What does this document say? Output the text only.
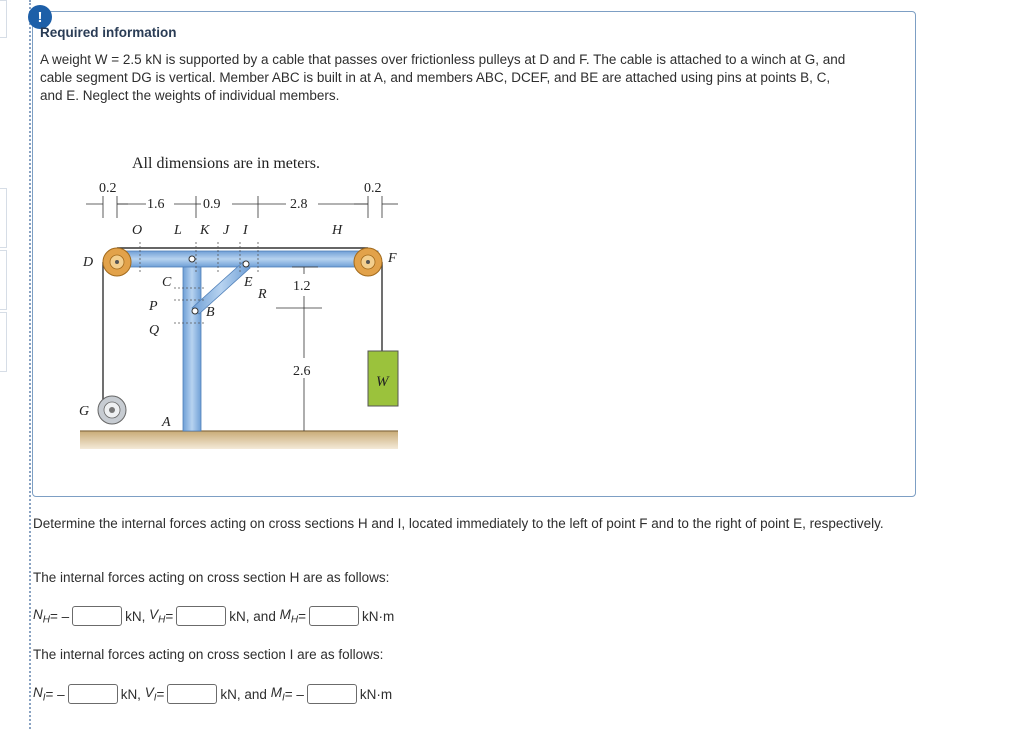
!
Required information
A weight W = 2.5 kN is supported by a cable that passes over frictionless pulleys at D and F. The cable is attached to a winch at G, and cable segment DG is vertical. Member ABC is built in at A, and members ABC, DCEF, and BE are attached using pins at points B, C, and E. Neglect the weights of individual members.
All dimensions are in meters.
0.2
1.6	0.9	2.8
0.2
1.2
2.6
O L K J I	H
D	F
C	E
R
P	B
Q
G
A
W
Determine the internal forces acting on cross sections H and I, located immediately to the left of point F and to the right of point E, respectively.
The internal forces acting on cross section H are as follows:
$N_H$ = –	kN,
$V_H$ =	kN, and
$M_H$ =	kN·m
The internal forces acting on cross section I are as follows:
$N_I$ = –	kN,
$V_I$ =	kN, and
$M_I$ = –	kN·m
